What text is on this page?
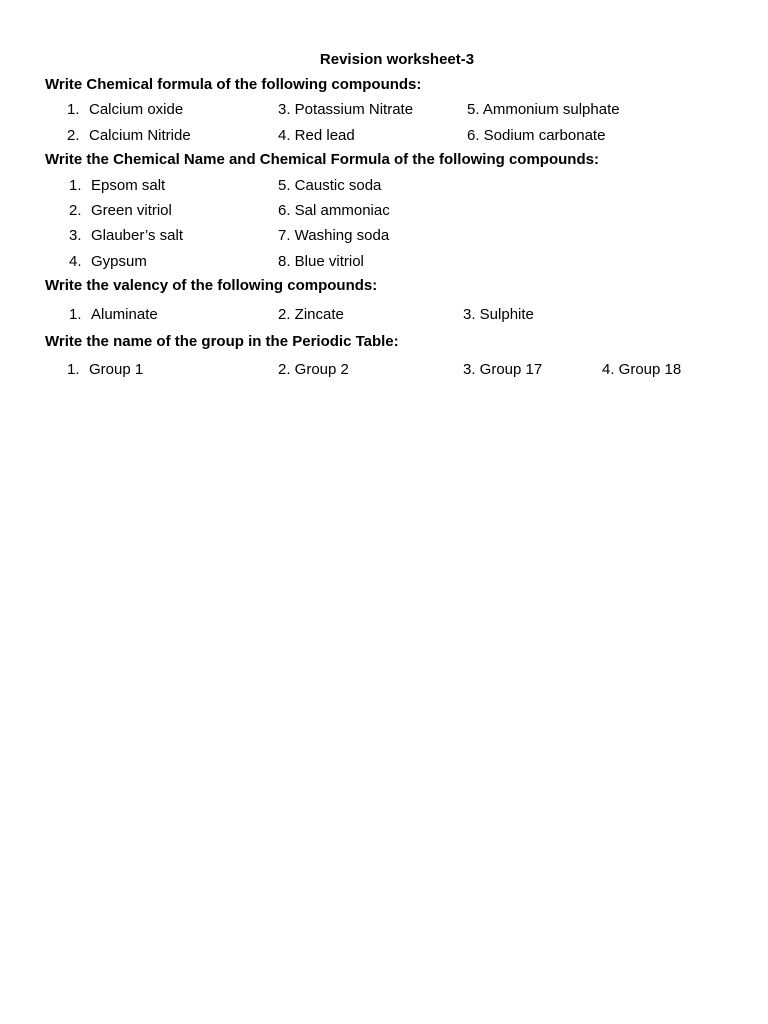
Revision worksheet-3
Write Chemical formula of the following compounds:
1. Calcium oxide	3. Potassium Nitrate	5. Ammonium sulphate
2. Calcium Nitride	4. Red lead	6. Sodium carbonate
Write the Chemical Name and Chemical Formula of the following compounds:
1. Epsom salt	5. Caustic soda
2. Green vitriol	6. Sal ammoniac
3. Glauber’s salt	7. Washing soda
4. Gypsum	8. Blue vitriol
Write the valency of the following compounds:
1. Aluminate	2. Zincate	3. Sulphite
Write the name of the group in the Periodic Table:
1. Group 1	2. Group 2	3. Group 17	4. Group 18
